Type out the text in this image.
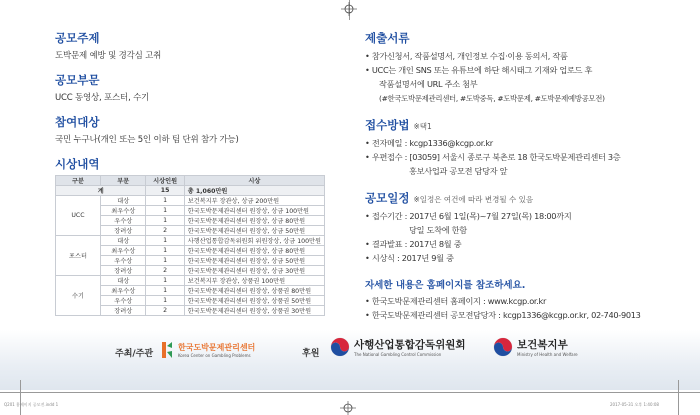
공모주제

도박문제 예방 및 경각심 고취

공모부문

UCC 동영상, 포스터, 수기

참여대상

국민 누구나(개인 또는 5인 이하 팀 단위 참가 가능)

시상내역

구분	부문	시상인원	시상
계		15	총 1,060만원
UCC	대상	1	보건복지부 장관상, 상금 200만원
	최우수상	1	한국도박문제관리센터 원장상, 상금 100만원
	우수상	1	한국도박문제관리센터 원장상, 상금 80만원
	장려상	2	한국도박문제관리센터 원장상, 상금 50만원
포스터	대상	1	사행산업통합감독위원회 위원장상, 상금 100만원
	최우수상	1	한국도박문제관리센터 원장상, 상금 80만원
	우수상	1	한국도박문제관리센터 원장상, 상금 50만원
	장려상	2	한국도박문제관리센터 원장상, 상금 30만원
수기	대상	1	보건복지부 장관상, 상품권 100만원
	최우수상	1	한국도박문제관리센터 원장상, 상품권 80만원
	우수상	1	한국도박문제관리센터 원장상, 상품권 50만원
	장려상	2	한국도박문제관리센터 원장상, 상품권 30만원

제출서류

• 참가신청서, 작품설명서, 개인정보 수집·이용 동의서, 작품

• UCC는 개인 SNS 또는 유튜브에 하단 해시태그 기재와 업로드 후

작품설명서에 URL 주소 첨부

(#한국도박문제관리센터, #도박중독, #도박문제, #도박문제예방공모전)

접수방법 ※택1

• 전자메일 : kcgp1336@kcgp.or.kr

• 우편접수 : [03059] 서울시 종로구 북촌로 18 한국도박문제관리센터 3층

홍보사업과 공모전 담당자 앞

공모일정 ※일정은 여건에 따라 변경될 수 있음

• 접수기간 : 2017년 6월 1일(목)~7월 27일(목) 18:00까지

당일 도착에 한함

• 결과발표 : 2017년 8월 중

• 시상식 : 2017년 9월 중

자세한 내용은 홈페이지를 참조하세요.

• 한국도박문제관리센터 홈페이지 : www.kcgp.or.kr

• 한국도박문제관리센터 공모전담당자 : kcgp1336@kcgp.or.kr, 02-740-9013

주최/주관
한국도박문제관리센터
Korea Center on Gambling Problems	후원
사행산업통합감독위원회
The National Gambling Control Commission
보건복지부
Ministry of Health and Welfare
Q201 홈페이지 공모전.indd 1	2017-05-31 오후 1:40:08
